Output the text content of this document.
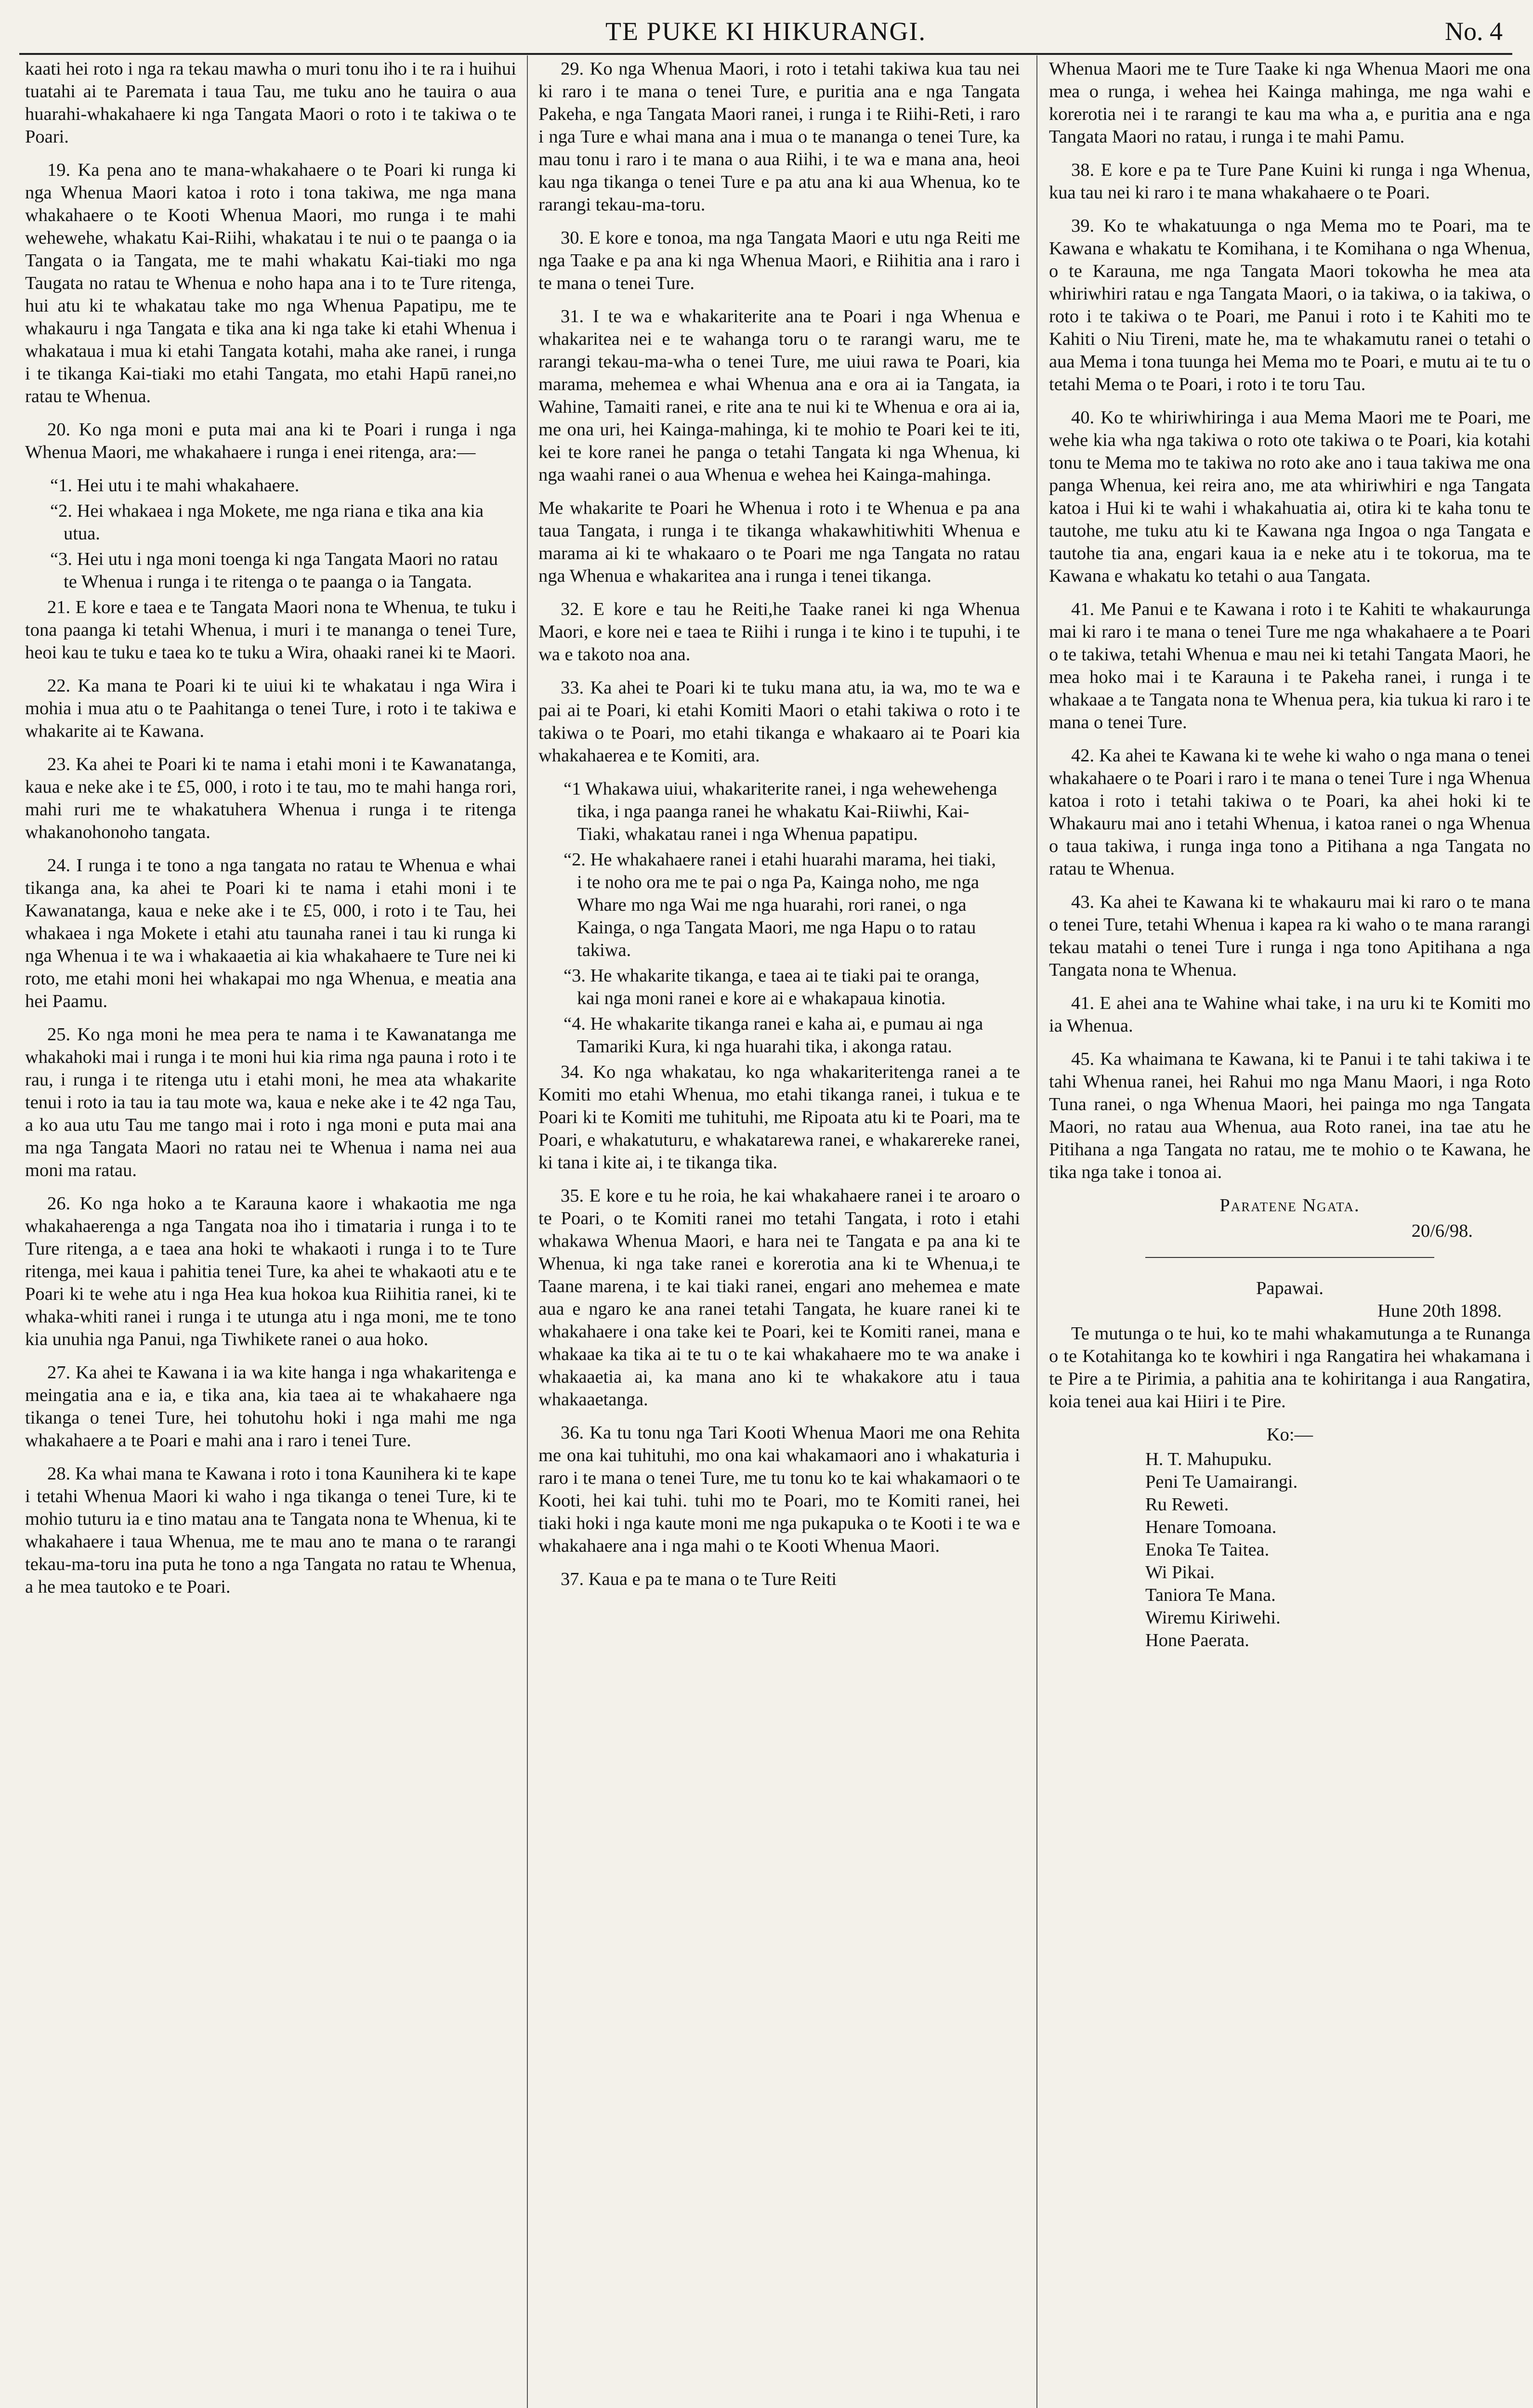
TE PUKE KI HIKURANGI.	No. 4

kaati hei roto i nga ra tekau mawha o muri tonu iho i te ra i huihui tuatahi ai te Paremata i taua Tau, me tuku ano he tauira o aua huarahi-whakahaere ki nga Tangata Maori o roto i te takiwa o te Poari.

19. Ka pena ano te mana-whakahaere o te Poari ki runga ki nga Whenua Maori katoa i roto i tona takiwa, me nga mana whakahaere o te Kooti Whenua Maori, mo runga i te mahi wehewehe, whakatu Kai-Riihi, whakatau i te nui o te paanga o ia Tangata o ia Tangata, me te mahi whakatu Kai-tiaki mo nga Taugata no ratau te Whenua e noho hapa ana i to te Ture ritenga, hui atu ki te whakatau take mo nga Whenua Papatipu, me te whakauru i nga Tangata e tika ana ki nga take ki etahi Whenua i whakataua i mua ki etahi Tangata kotahi, maha ake ranei, i runga i te tikanga Kai-tiaki mo etahi Tangata, mo etahi Hapū ranei,no ratau te Whenua.

20. Ko nga moni e puta mai ana ki te Poari i runga i nga Whenua Maori, me whakahaere i runga i enei ritenga, ara:—

“1. Hei utu i te mahi whakahaere.

“2. Hei whakaea i nga Mokete, me nga riana e tika ana kia utua.

“3. Hei utu i nga moni toenga ki nga Tangata Maori no ratau te Whenua i runga i te ritenga o te paanga o ia Tangata.

21. E kore e taea e te Tangata Maori nona te Whenua, te tuku i tona paanga ki tetahi Whenua, i muri i te mananga o tenei Ture, heoi kau te tuku e taea ko te tuku a Wira, ohaaki ranei ki te Maori.

22. Ka mana te Poari ki te uiui ki te whakatau i nga Wira i mohia i mua atu o te Paahitanga o tenei Ture, i roto i te takiwa e whakarite ai te Kawana.

23. Ka ahei te Poari ki te nama i etahi moni i te Kawanatanga, kaua e neke ake i te £5, 000, i roto i te tau, mo te mahi hanga rori, mahi ruri me te whakatuhera Whenua i runga i te ritenga whakanohonoho tangata.

24. I runga i te tono a nga tangata no ratau te Whenua e whai tikanga ana, ka ahei te Poari ki te nama i etahi moni i te Kawanatanga, kaua e neke ake i te £5, 000, i roto i te Tau, hei whakaea i nga Mokete i etahi atu taunaha ranei i tau ki runga ki nga Whenua i te wa i whakaaetia ai kia whakahaere te Ture nei ki roto, me etahi moni hei whakapai mo nga Whenua, e meatia ana hei Paamu.

25. Ko nga moni he mea pera te nama i te Kawanatanga me whakahoki mai i runga i te moni hui kia rima nga pauna i roto i te rau, i runga i te ritenga utu i etahi moni, he mea ata whakarite tenui i roto ia tau ia tau mote wa, kaua e neke ake i te 42 nga Tau, a ko aua utu Tau me tango mai i roto i nga moni e puta mai ana ma nga Tangata Maori no ratau nei te Whenua i nama nei aua moni ma ratau.

26. Ko nga hoko a te Karauna kaore i whakaotia me nga whakahaerenga a nga Tangata noa iho i timataria i runga i to te Ture ritenga, a e taea ana hoki te whakaoti i runga i to te Ture ritenga, mei kaua i pahitia tenei Ture, ka ahei te whakaoti atu e te Poari ki te wehe atu i nga Hea kua hokoa kua Riihitia ranei, ki te whaka-whiti ranei i runga i te utunga atu i nga moni, me te tono kia unuhia nga Panui, nga Tiwhikete ranei o aua hoko.

27. Ka ahei te Kawana i ia wa kite hanga i nga whakaritenga e meingatia ana e ia, e tika ana, kia taea ai te whakahaere nga tikanga o tenei Ture, hei tohutohu hoki i nga mahi me nga whakahaere a te Poari e mahi ana i raro i tenei Ture.

28. Ka whai mana te Kawana i roto i tona Kaunihera ki te kape i tetahi Whenua Maori ki waho i nga tikanga o tenei Ture, ki te mohio tuturu ia e tino matau ana te Tangata nona te Whenua, ki te whakahaere i taua Whenua, me te mau ano te mana o te rarangi tekau-ma-toru ina puta he tono a nga Tangata no ratau te Whenua, a he mea tautoko e te Poari.

29. Ko nga Whenua Maori, i roto i tetahi takiwa kua tau nei ki raro i te mana o tenei Ture, e puritia ana e nga Tangata Pakeha, e nga Tangata Maori ranei, i runga i te Riihi-Reti, i raro i nga Ture e whai mana ana i mua o te mananga o tenei Ture, ka mau tonu i raro i te mana o aua Riihi, i te wa e mana ana, heoi kau nga tikanga o tenei Ture e pa atu ana ki aua Whenua, ko te rarangi tekau-ma-toru.

30. E kore e tonoa, ma nga Tangata Maori e utu nga Reiti me nga Taake e pa ana ki nga Whenua Maori, e Riihitia ana i raro i te mana o tenei Ture.

31. I te wa e whakariterite ana te Poari i nga Whenua e whakaritea nei e te wahanga toru o te rarangi waru, me te rarangi tekau-ma-wha o tenei Ture, me uiui rawa te Poari, kia marama, mehemea e whai Whenua ana e ora ai ia Tangata, ia Wahine, Tamaiti ranei, e rite ana te nui ki te Whenua e ora ai ia, me ona uri, hei Kainga-mahinga, ki te mohio te Poari kei te iti, kei te kore ranei he panga o tetahi Tangata ki nga Whenua, ki nga waahi ranei o aua Whenua e wehea hei Kainga-mahinga.

Me whakarite te Poari he Whenua i roto i te Whenua e pa ana taua Tangata, i runga i te tikanga whakawhitiwhiti Whenua e marama ai ki te whakaaro o te Poari me nga Tangata no ratau nga Whenua e whakaritea ana i runga i tenei tikanga.

32. E kore e tau he Reiti,he Taake ranei ki nga Whenua Maori, e kore nei e taea te Riihi i runga i te kino i te tupuhi, i te wa e takoto noa ana.

33. Ka ahei te Poari ki te tuku mana atu, ia wa, mo te wa e pai ai te Poari, ki etahi Komiti Maori o etahi takiwa o roto i te takiwa o te Poari, mo etahi tikanga e whakaaro ai te Poari kia whakahaerea e te Komiti, ara.

“1 Whakawa uiui, whakariterite ranei, i nga wehewehenga tika, i nga paanga ranei he whakatu Kai-Riiwhi, Kai-Tiaki, whakatau ranei i nga Whenua papatipu.

“2. He whakahaere ranei i etahi huarahi marama, hei tiaki, i te noho ora me te pai o nga Pa, Kainga noho, me nga Whare mo nga Wai me nga huarahi, rori ranei, o nga Kainga, o nga Tangata Maori, me nga Hapu o to ratau takiwa.

“3. He whakarite tikanga, e taea ai te tiaki pai te oranga, kai nga moni ranei e kore ai e whakapaua kinotia.

“4. He whakarite tikanga ranei e kaha ai, e pumau ai nga Tamariki Kura, ki nga huarahi tika, i akonga ratau.

34. Ko nga whakatau, ko nga whakariteritenga ranei a te Komiti mo etahi Whenua, mo etahi tikanga ranei, i tukua e te Poari ki te Komiti me tuhituhi, me Ripoata atu ki te Poari, ma te Poari, e whakatuturu, e whakatarewa ranei, e whakarereke ranei, ki tana i kite ai, i te tikanga tika.

35. E kore e tu he roia, he kai whakahaere ranei i te aroaro o te Poari, o te Komiti ranei mo tetahi Tangata, i roto i etahi whakawa Whenua Maori, e hara nei te Tangata e pa ana ki te Whenua, ki nga take ranei e korerotia ana ki te Whenua,i te Taane marena, i te kai tiaki ranei, engari ano mehemea e mate aua e ngaro ke ana ranei tetahi Tangata, he kuare ranei ki te whakahaere i ona take kei te Poari, kei te Komiti ranei, mana e whakaae ka tika ai te tu o te kai whakahaere mo te wa anake i whakaaetia ai, ka mana ano ki te whakakore atu i taua whakaaetanga.

36. Ka tu tonu nga Tari Kooti Whenua Maori me ona Rehita me ona kai tuhituhi, mo ona kai whakamaori ano i whakaturia i raro i te mana o tenei Ture, me tu tonu ko te kai whakamaori o te Kooti, hei kai tuhi. tuhi mo te Poari, mo te Komiti ranei, hei tiaki hoki i nga kaute moni me nga pukapuka o te Kooti i te wa e whakahaere ana i nga mahi o te Kooti Whenua Maori.

37. Kaua e pa te mana o te Ture Reiti

Whenua Maori me te Ture Taake ki nga Whenua Maori me ona mea o runga, i wehea hei Kainga mahinga, me nga wahi e korerotia nei i te rarangi te kau ma wha a, e puritia ana e nga Tangata Maori no ratau, i runga i te mahi Pamu.

38. E kore e pa te Ture Pane Kuini ki runga i nga Whenua, kua tau nei ki raro i te mana whakahaere o te Poari.

39. Ko te whakatuunga o nga Mema mo te Poari, ma te Kawana e whakatu te Komihana, i te Komihana o nga Whenua, o te Karauna, me nga Tangata Maori tokowha he mea ata whiriwhiri ratau e nga Tangata Maori, o ia takiwa, o ia takiwa, o roto i te takiwa o te Poari, me Panui i roto i te Kahiti mo te Kahiti o Niu Tireni, mate he, ma te whakamutu ranei o tetahi o aua Mema i tona tuunga hei Mema mo te Poari, e mutu ai te tu o tetahi Mema o te Poari, i roto i te toru Tau.

40. Ko te whiriwhiringa i aua Mema Maori me te Poari, me wehe kia wha nga takiwa o roto ote takiwa o te Poari, kia kotahi tonu te Mema mo te takiwa no roto ake ano i taua takiwa me ona panga Whenua, kei reira ano, me ata whiriwhiri e nga Tangata katoa i Hui ki te wahi i whakahuatia ai, otira ki te kaha tonu te tautohe, me tuku atu ki te Kawana nga Ingoa o nga Tangata e tautohe tia ana, engari kaua ia e neke atu i te tokorua, ma te Kawana e whakatu ko tetahi o aua Tangata.

41. Me Panui e te Kawana i roto i te Kahiti te whakaurunga mai ki raro i te mana o tenei Ture me nga whakahaere a te Poari o te takiwa, tetahi Whenua e mau nei ki tetahi Tangata Maori, he mea hoko mai i te Karauna i te Pakeha ranei, i runga i te whakaae a te Tangata nona te Whenua pera, kia tukua ki raro i te mana o tenei Ture.

42. Ka ahei te Kawana ki te wehe ki waho o nga mana o tenei whakahaere o te Poari i raro i te mana o tenei Ture i nga Whenua katoa i roto i tetahi takiwa o te Poari, ka ahei hoki ki te Whakauru mai ano i tetahi Whenua, i katoa ranei o nga Whenua o taua takiwa, i runga inga tono a Pitihana a nga Tangata no ratau te Whenua.

43. Ka ahei te Kawana ki te whakauru mai ki raro o te mana o tenei Ture, tetahi Whenua i kapea ra ki waho o te mana rarangi tekau matahi o tenei Ture i runga i nga tono Apitihana a nga Tangata nona te Whenua.

41. E ahei ana te Wahine whai take, i na uru ki te Komiti mo ia Whenua.

45. Ka whaimana te Kawana, ki te Panui i te tahi takiwa i te tahi Whenua ranei, hei Rahui mo nga Manu Maori, i nga Roto Tuna ranei, o nga Whenua Maori, hei painga mo nga Tangata Maori, no ratau aua Whenua, aua Roto ranei, ina tae atu he Pitihana a nga Tangata no ratau, me te mohio o te Kawana, he tika nga take i tonoa ai.

Paratene Ngata.
20/6/98.
Papawai.
Hune 20th 1898.

Te mutunga o te hui, ko te mahi whakamutunga a te Runanga o te Kotahitanga ko te kowhiri i nga Rangatira hei whakamana i te Pire a te Pirimia, a pahitia ana te kohiritanga i aua Rangatira, koia tenei aua kai Hiiri i te Pire.

Ko:—
H. T. Mahupuku.
Peni Te Uamairangi.
Ru Reweti.
Henare Tomoana.
Enoka Te Taitea.
Wi Pikai.
Taniora Te Mana.
Wiremu Kiriwehi.
Hone Paerata.
